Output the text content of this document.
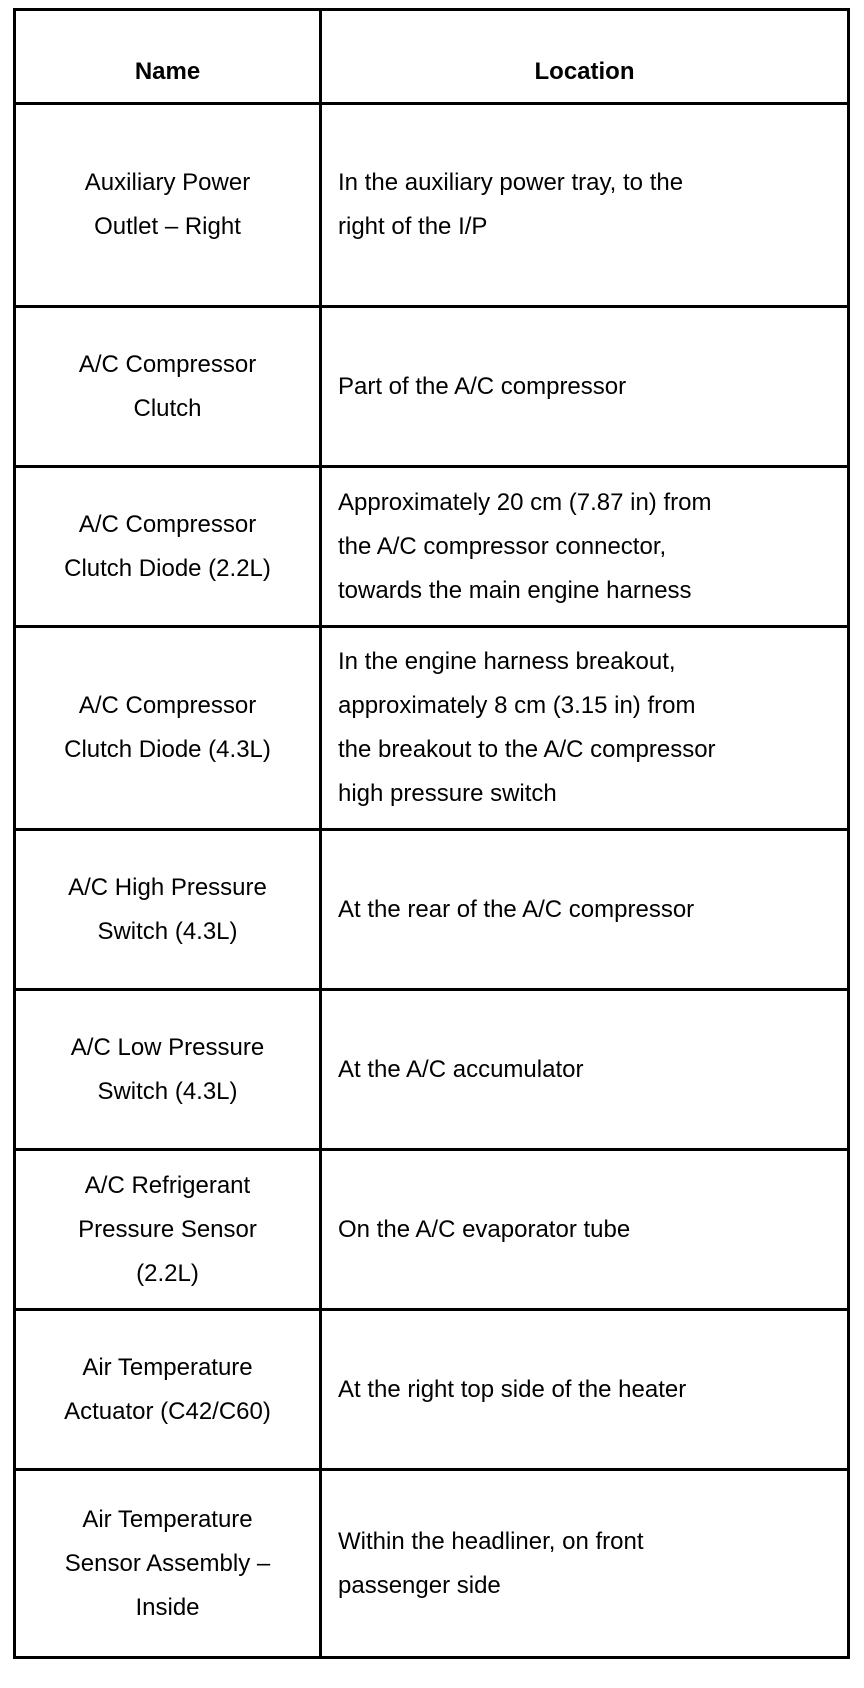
Name	Location

Auxiliary Power
Outlet – Right	In the auxiliary power tray, to the
right of the I/P

A/C Compressor
Clutch	Part of the A/C compressor

A/C Compressor
Clutch Diode (2.2L)	Approximately 20 cm (7.87 in) from
the A/C compressor connector,
towards the main engine harness

A/C Compressor
Clutch Diode (4.3L)	In the engine harness breakout,
approximately 8 cm (3.15 in) from
the breakout to the A/C compressor
high pressure switch

A/C High Pressure
Switch (4.3L)	At the rear of the A/C compressor

A/C Low Pressure
Switch (4.3L)	At the A/C accumulator

A/C Refrigerant
Pressure Sensor
(2.2L)	On the A/C evaporator tube

Air Temperature
Actuator (C42/C60)	At the right top side of the heater

Air Temperature
Sensor Assembly –
Inside	Within the headliner, on front
passenger side
